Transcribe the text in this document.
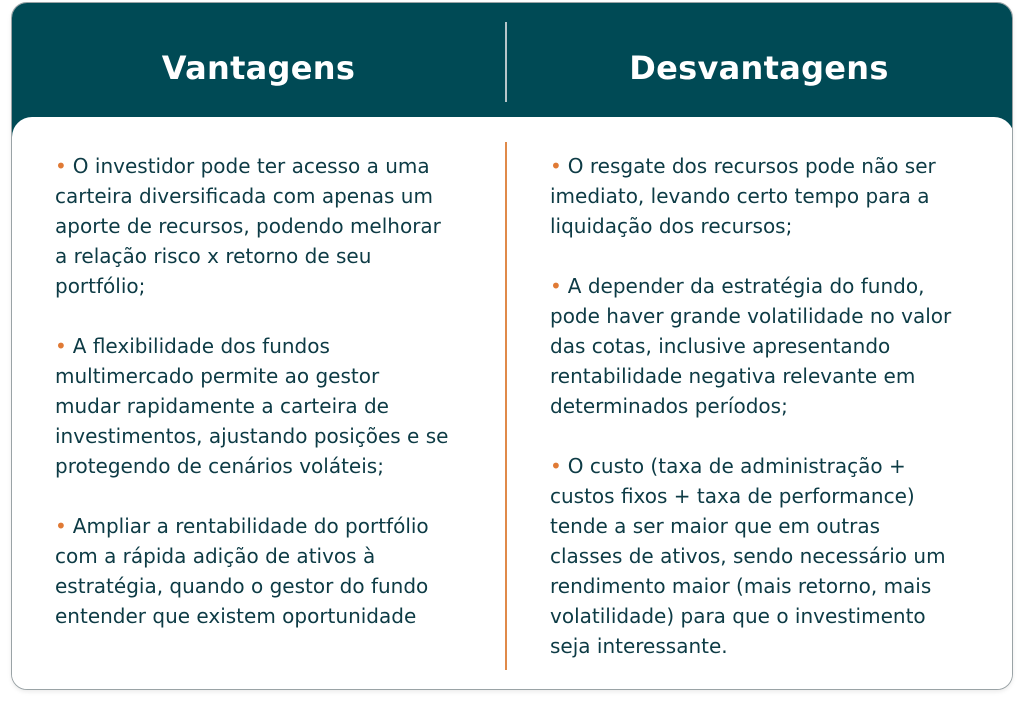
Vantagens	Desvantagens

• O investidor pode ter acesso a uma
carteira diversificada com apenas um
aporte de recursos, podendo melhorar
a relação risco x retorno de seu
portfólio;

• A flexibilidade dos fundos
multimercado permite ao gestor
mudar rapidamente a carteira de
investimentos, ajustando posições e se
protegendo de cenários voláteis;

• Ampliar a rentabilidade do portfólio
com a rápida adição de ativos à
estratégia, quando o gestor do fundo
entender que existem oportunidade

• O resgate dos recursos pode não ser
imediato, levando certo tempo para a
liquidação dos recursos;

• A depender da estratégia do fundo,
pode haver grande volatilidade no valor
das cotas, inclusive apresentando
rentabilidade negativa relevante em
determinados períodos;

• O custo (taxa de administração +
custos fixos + taxa de performance)
tende a ser maior que em outras
classes de ativos, sendo necessário um
rendimento maior (mais retorno, mais
volatilidade) para que o investimento
seja interessante.
